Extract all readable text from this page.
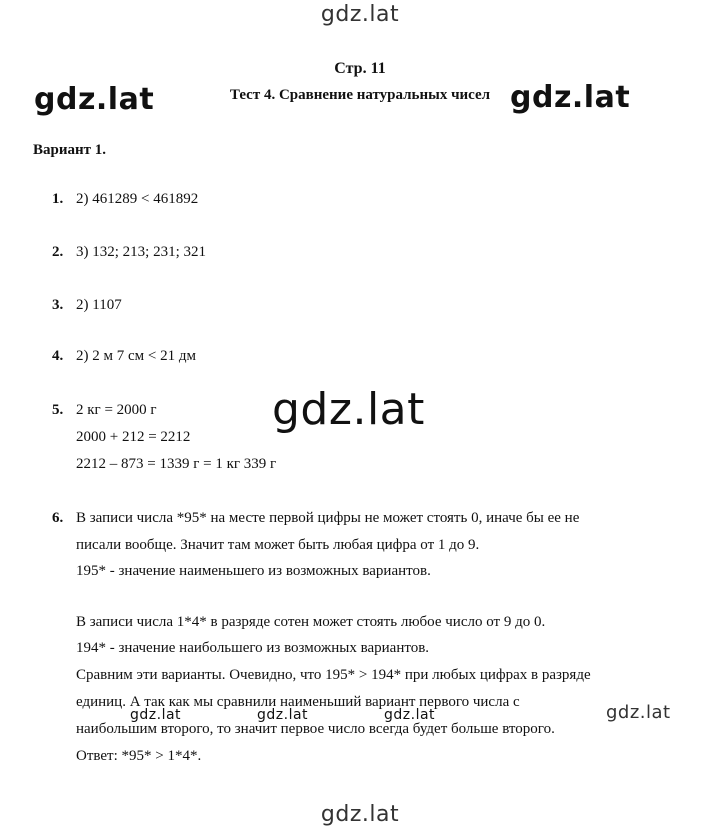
gdz.lat
Стр. 11
Тест 4. Сравнение натуральных чисел
gdz.lat	gdz.lat
Вариант 1.
1. 2) 461289 < 461892
2. 3) 132; 213; 231; 321
3. 2) 1107
4. 2) 2 м 7 см < 21 дм
gdz.lat
5. 2 кг = 2000 г
2000 + 212 = 2212
2212 – 873 = 1339 г = 1 кг 339 г
6. В записи числа *95* на месте первой цифры не может стоять 0, иначе бы ее не
писали вообще. Значит там может быть любая цифра от 1 до 9.
195* - значение наименьшего из возможных вариантов.
В записи числа 1*4* в разряде сотен может стоять любое число от 9 до 0.
194* - значение наибольшего из возможных вариантов.
Сравним эти варианты. Очевидно, что 195* > 194* при любых цифрах в разряде
единиц. А так как мы сравнили наименьший вариант первого числа с
наибольшим второго, то значит первое число всегда будет больше второго.
Ответ: *95* > 1*4*.
gdz.lat	gdz.lat	gdz.lat	gdz.lat
gdz.lat
